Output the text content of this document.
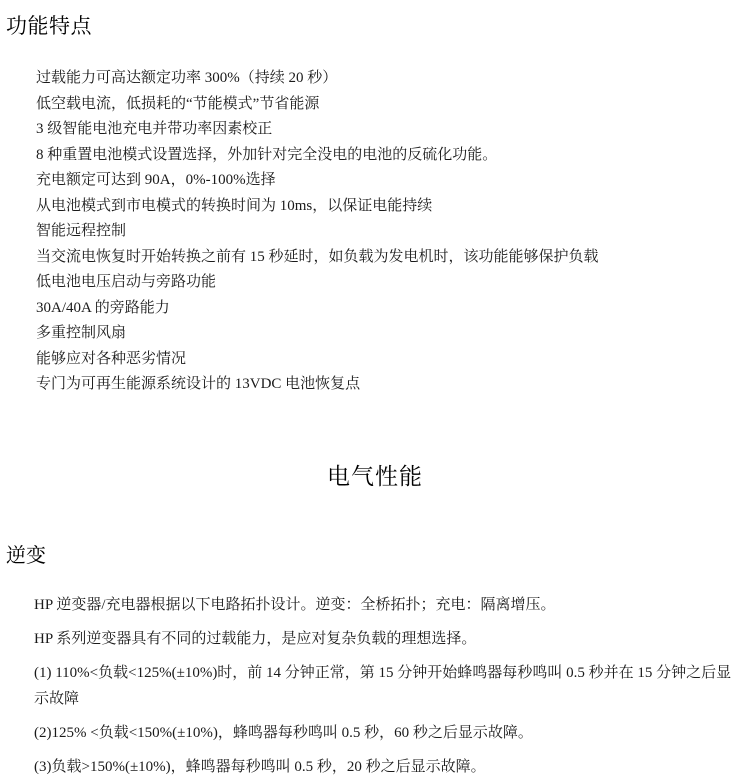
功能特点
过载能力可高达额定功率 300%（持续 20 秒）
低空载电流，低损耗的“节能模式”节省能源
3 级智能电池充电并带功率因素校正
8 种重置电池模式设置选择，外加针对完全没电的电池的反硫化功能。
充电额定可达到 90A，0%-100%选择
从电池模式到市电模式的转换时间为 10ms，以保证电能持续
智能远程控制
当交流电恢复时开始转换之前有 15 秒延时，如负载为发电机时，该功能能够保护负载
低电池电压启动与旁路功能
30A/40A 的旁路能力
多重控制风扇
能够应对各种恶劣情况
专门为可再生能源系统设计的 13VDC 电池恢复点
电气性能
逆变

HP 逆变器/充电器根据以下电路拓扑设计。逆变：全桥拓扑；充电：隔离增压。

HP 系列逆变器具有不同的过载能力，是应对复杂负载的理想选择。

(1) 110%<负载<125%(±10%)时，前 14 分钟正常，第 15 分钟开始蜂鸣器每秒鸣叫 0.5 秒并在 15 分钟之后显示故障

(2)125% <负载<150%(±10%)，蜂鸣器每秒鸣叫 0.5 秒，60 秒之后显示故障。

(3)负载>150%(±10%)，蜂鸣器每秒鸣叫 0.5 秒，20 秒之后显示故障。
